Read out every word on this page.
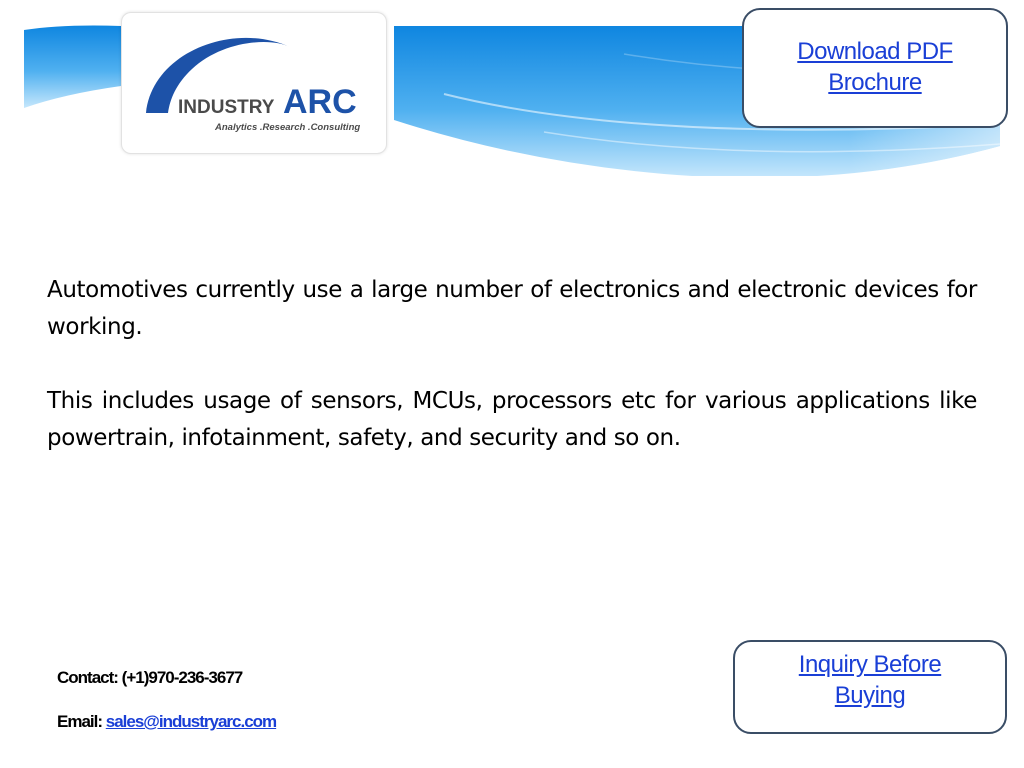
INDUSTRY ARC
Analytics .Research .Consulting
Download PDF
Brochure

Automotives currently use a large number of electronics and electronic devices for working.

This includes usage of sensors, MCUs, processors etc for various applications like powertrain, infotainment, safety, and security and so on.

Contact: (+1)970-236-3677
Email: sales@industryarc.com
Inquiry Before
Buying
